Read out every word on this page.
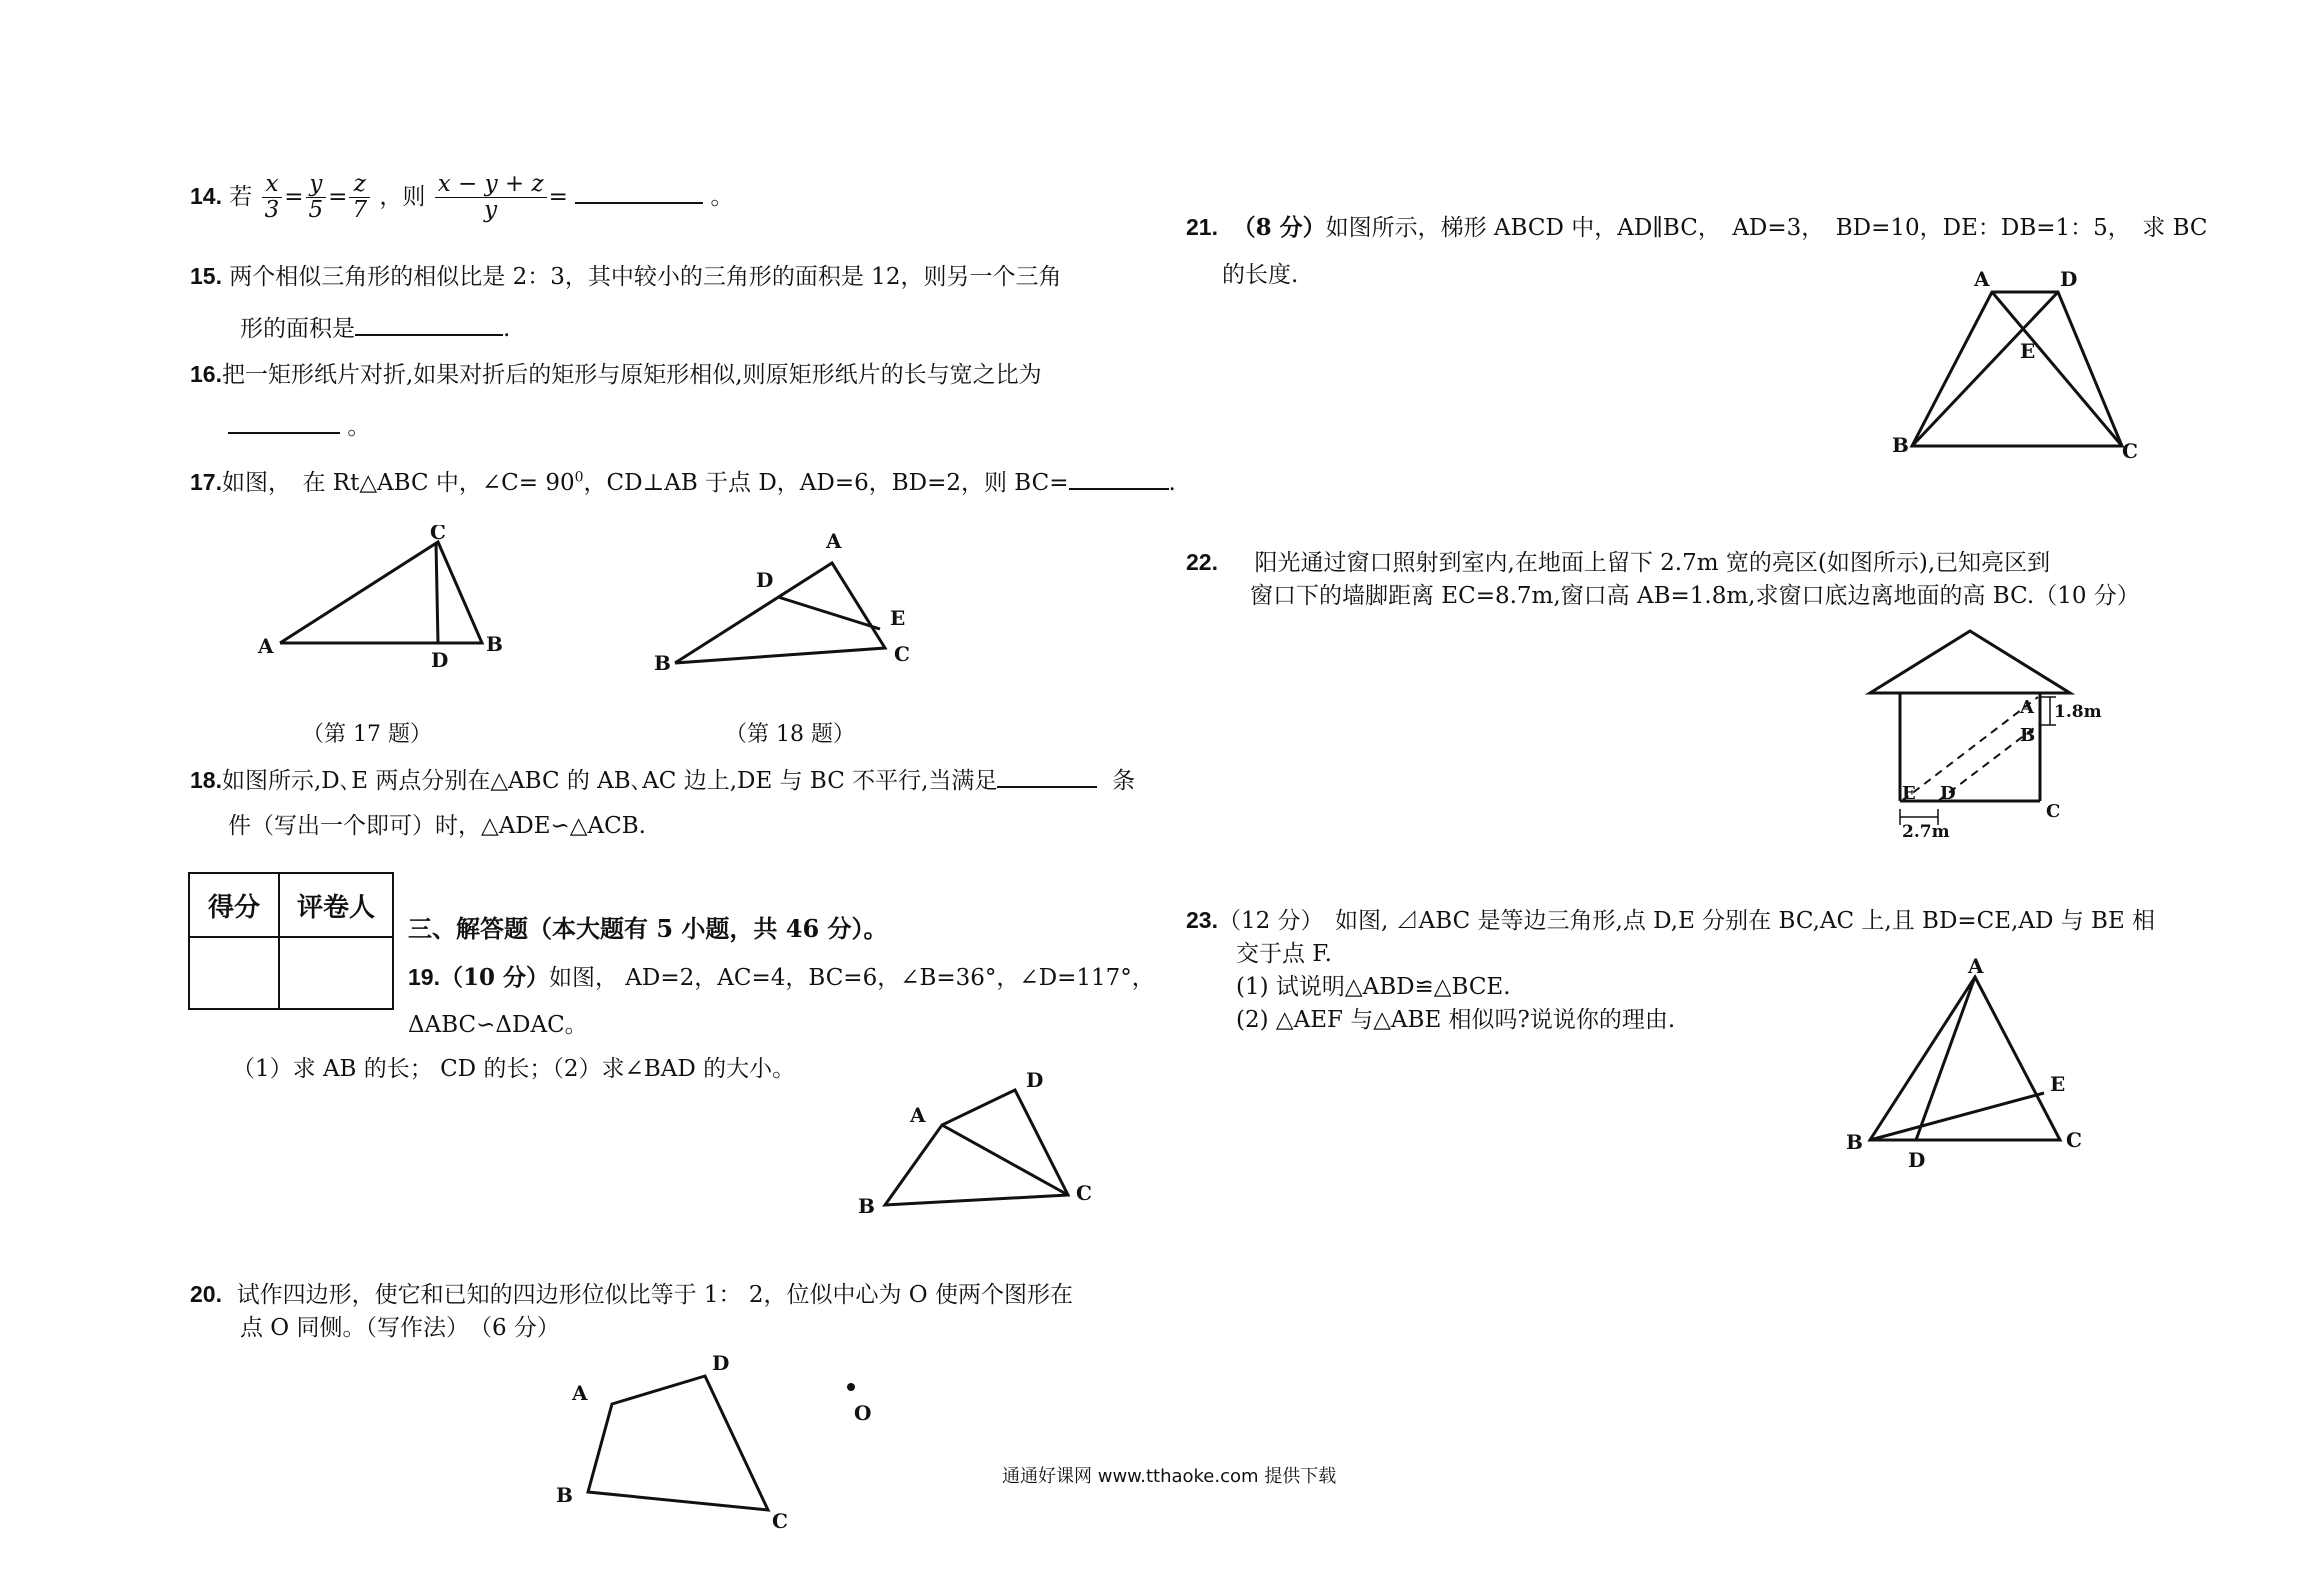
14. 若 $\frac{x}{3} = \frac{y}{5} = \frac{z}{7}$ ，则 $\frac{x - y + z}{y}$ =	。
15. 两个相似三角形的相似比是 2：3，其中较小的三角形的面积是 12，则另一个三角
形的面积是	.
16.把一矩形纸片对折,如果对折后的矩形与原矩形相似,则原矩形纸片的长与宽之比为
。
17.如图，　在 Rt△ABC 中，∠C= $90^0$，CD⊥AB 于点 D，AD=6，BD=2，则 BC=	.
A
C
D
B
A
D
E
C
B
（第 17 题）	（第 18 题）
18.如图所示,D､E 两点分别在△ABC 的 AB､AC 边上,DE 与 BC 不平行,当满足	条
件（写出一个即可）时，△ADE∽△ACB.
得分	评卷人

三、解答题（本大题有 5 小题，共 46 分）。
19.（10 分）如图， AD=2，AC=4，BC=6，∠B=36°，∠D=117°，
ΔABC∽ΔDAC。
（1）求 AB 的长； CD 的长；（2）求∠BAD 的大小。
A
B
C
D
20. 试作四边形，使它和已知的四边形位似比等于 1： 2，位似中心为 O 使两个图形在
点 O 同侧。（写作法）　（6 分）
A
D
B
C
O
21. （8 分）如图所示，梯形 ABCD 中，AD∥BC，　AD=3，　BD=10，DE：DB=1：5，　求 BC
的长度.	A	D
E
B	C
22. 阳光通过窗口照射到室内,在地面上留下 2.7m 宽的亮区(如图所示),已知亮区到
窗口下的墙脚距离 EC=8.7m,窗口高 AB=1.8m,求窗口底边离地面的高 BC.（10 分）
A
B
C
E D
1.8m
2.7m
23.（12 分）　如图, ⊿ABC 是等边三角形,点 D,E 分别在 BC,AC 上,且 BD=CE,AD 与 BE 相
交于点 F.
(1) 试说明△ABD≌△BCE.
(2) △AEF 与△ABE 相似吗?说说你的理由.
A
B	C
D
E
通通好课网 www.tthaoke.com 提供下载
